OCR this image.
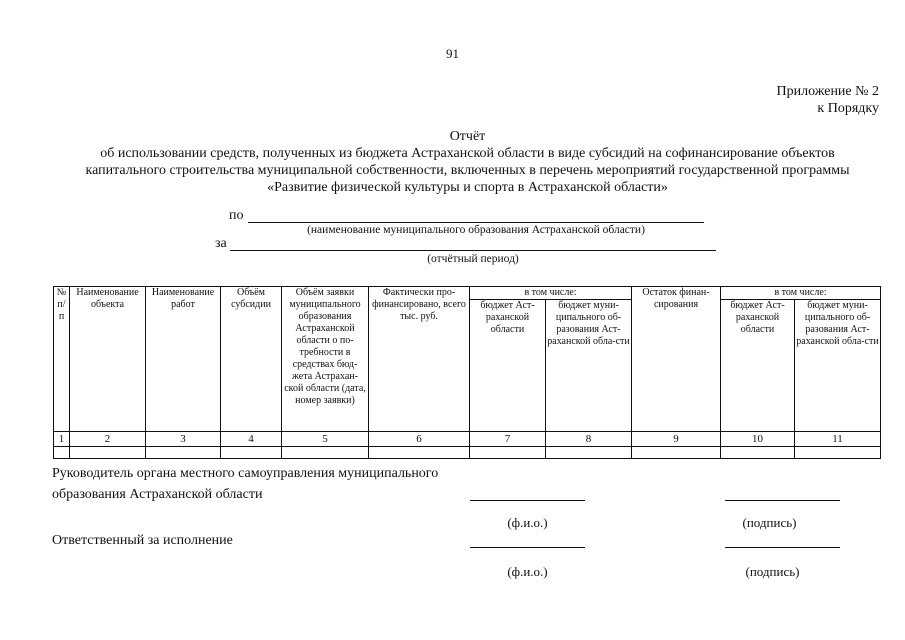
91
Приложение № 2
к Порядку
Отчёт
об использовании средств, полученных из бюджета Астраханской области в виде субсидий на софинансирование объектов
капитального строительства муниципальной собственности, включенных в перечень мероприятий государственной программы
«Развитие физической культуры и спорта в Астраханской области»
по
(наименование муниципального образования Астраханской области)
за
(отчётный период)
№ п/п	Наименование объекта	Наименование работ	Объём субсидии	Объём заявки муниципального образования Астраханской области о по-требности в средствах бюд-жета Астрахан-ской области (дата, номер заявки)	Фактически про-финансировано, всего тыс. руб.	в том числе:		Остаток финан-сирования	в том числе:	
						бюджет Аст-раханской области	бюджет муни-ципального об-разования Аст-раханской обла-сти		бюджет Аст-раханской области	бюджет муни-ципального об-разования Аст-раханской обла-сти
1	2	3	4	5	6	7	8	9	10	11

Руководитель органа местного самоуправления муниципального
образования Астраханской области
(ф.и.о.)	(подпись)
Ответственный за исполнение
(ф.и.о.)	(подпись)
